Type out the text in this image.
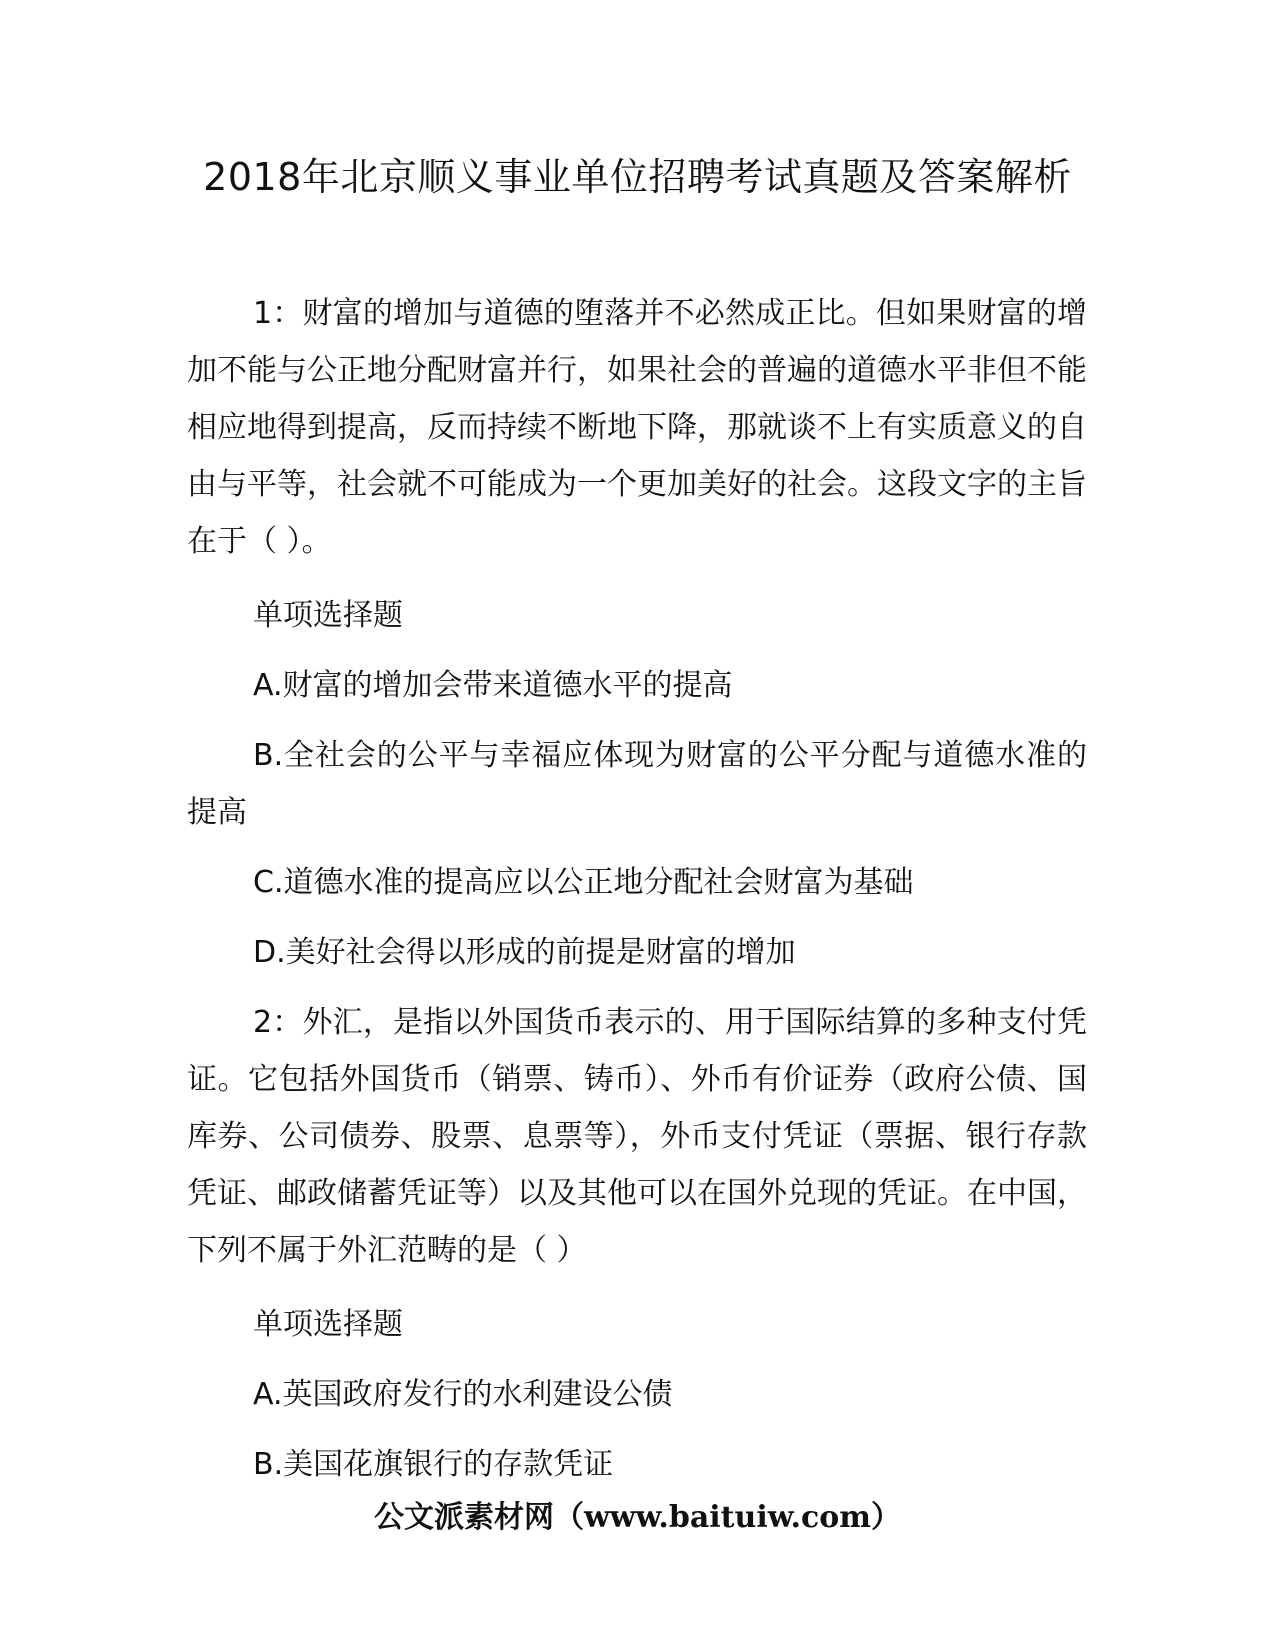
2018年北京顺义事业单位招聘考试真题及答案解析

1：财富的增加与道德的堕落并不必然成正比。但如果财富的增加不能与公正地分配财富并行，如果社会的普遍的道德水平非但不能相应地得到提高，反而持续不断地下降，那就谈不上有实质意义的自由与平等，社会就不可能成为一个更加美好的社会。这段文字的主旨在于（ ）。

单项选择题

A.财富的增加会带来道德水平的提高

B.全社会的公平与幸福应体现为财富的公平分配与道德水准的提高

C.道德水准的提高应以公正地分配社会财富为基础

D.美好社会得以形成的前提是财富的增加

2：外汇，是指以外国货币表示的、用于国际结算的多种支付凭证。它包括外国货币（销票、铸币）、外币有价证券（政府公债、国库券、公司债券、股票、息票等），外币支付凭证（票据、银行存款凭证、邮政储蓄凭证等）以及其他可以在国外兑现的凭证。在中国，下列不属于外汇范畴的是（ ）

单项选择题

A.英国政府发行的水利建设公债

B.美国花旗银行的存款凭证

公文派素材网（www.baituiw.com）
